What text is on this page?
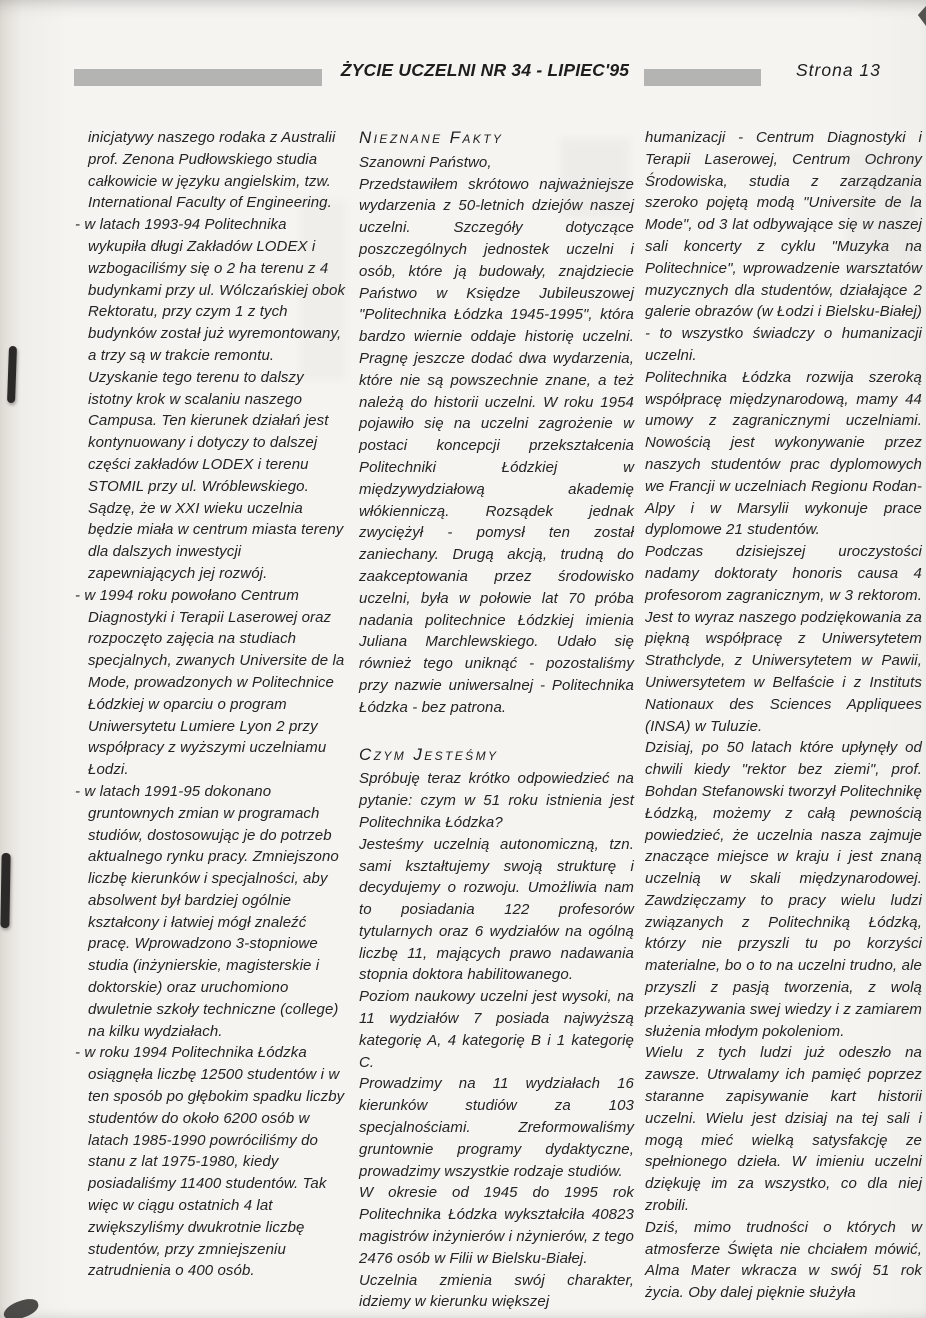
ŻYCIE UCZELNI NR 34 - LIPIEC'95	Strona 13

inicjatywy naszego rodaka z Australii prof. Zenona Pudłowskiego studia całkowicie w języku angielskim, tzw. International Faculty of Engineering.

- w latach 1993-94 Politechnika wykupiła długi Zakładów LODEX i wzbogaciliśmy się o 2 ha terenu z 4 budynkami przy ul. Wólczańskiej obok Rektoratu, przy czym 1 z tych budynków został już wyremontowany, a trzy są w trakcie remontu. Uzyskanie tego terenu to dalszy istotny krok w scalaniu naszego Campusa. Ten kierunek działań jest kontynuowany i dotyczy to dalszej części zakładów LODEX i terenu STOMIL przy ul. Wróblewskiego. Sądzę, że w XXI wieku uczelnia będzie miała w centrum miasta tereny dla dalszych inwestycji zapewniających jej rozwój.

- w 1994 roku powołano Centrum Diagnostyki i Terapii Laserowej oraz rozpoczęto zajęcia na studiach specjalnych, zwanych Universite de la Mode, prowadzonych w Politechnice Łódzkiej w oparciu o program Uniwersytetu Lumiere Lyon 2 przy współpracy z wyższymi uczelniamu Łodzi.

- w latach 1991-95 dokonano gruntownych zmian w programach studiów, dostosowując je do potrzeb aktualnego rynku pracy. Zmniejszono liczbę kierunków i specjalności, aby absolwent był bardziej ogólnie kształcony i łatwiej mógł znaleźć pracę. Wprowadzono 3-stopniowe studia (inżynierskie, magisterskie i doktorskie) oraz uruchomiono dwuletnie szkoły techniczne (college) na kilku wydziałach.

- w roku 1994 Politechnika Łódzka osiągnęła liczbę 12500 studentów i w ten sposób po głębokim spadku liczby studentów do około 6200 osób w latach 1985-1990 powróciliśmy do stanu z lat 1975-1980, kiedy posiadaliśmy 11400 studentów. Tak więc w ciągu ostatnich 4 lat zwiększyliśmy dwukrotnie liczbę studentów, przy zmniejszeniu zatrudnienia o 400 osób.

Nieznane Fakty

Szanowni Państwo,

Przedstawiłem skrótowo najważniejsze wydarzenia z 50-letnich dziejów naszej uczelni. Szczegóły dotyczące poszczególnych jednostek uczelni i osób, które ją budowały, znajdziecie Państwo w Księdze Jubileuszowej "Politechnika Łódzka 1945-1995", która bardzo wiernie oddaje historię uczelni. Pragnę jeszcze dodać dwa wydarzenia, które nie są powszechnie znane, a też należą do historii uczelni. W roku 1954 pojawiło się na uczelni zagrożenie w postaci koncepcji przekształcenia Politechniki Łódzkiej w międzywydziałową akademię włókienniczą. Rozsądek jednak zwyciężył - pomysł ten został zaniechany. Drugą akcją, trudną do zaakceptowania przez środowisko uczelni, była w połowie lat 70 próba nadania politechnice Łódzkiej imienia Juliana Marchlewskiego. Udało się również tego uniknąć - pozostaliśmy przy nazwie uniwersalnej - Politechnika Łódzka - bez patrona.

Czym Jesteśmy

Spróbuję teraz krótko odpowiedzieć na pytanie: czym w 51 roku istnienia jest Politechnika Łódzka?

Jesteśmy uczelnią autonomiczną, tzn. sami kształtujemy swoją strukturę i decydujemy o rozwoju. Umożliwia nam to posiadania 122 profesorów tytularnych oraz 6 wydziałów na ogólną liczbę 11, mających prawo nadawania stopnia doktora habilitowanego.

Poziom naukowy uczelni jest wysoki, na 11 wydziałów 7 posiada najwyższą kategorię A, 4 kategorię B i 1 kategorię C.

Prowadzimy na 11 wydziałach 16 kierunków studiów za 103 specjalnościami. Zreformowaliśmy gruntownie programy dydaktyczne, prowadzimy wszystkie rodzaje studiów.

W okresie od 1945 do 1995 rok Politechnika Łódzka wykształciła 40823 magistrów inżynierów i nżynierów, z tego 2476 osób w Filii w Bielsku-Białej.

Uczelnia zmienia swój charakter, idziemy w kierunku większej

humanizacji - Centrum Diagnostyki i Terapii Laserowej, Centrum Ochrony Środowiska, studia z zarządzania szeroko pojętą modą "Universite de la Mode", od 3 lat odbywające się w naszej sali koncerty z cyklu "Muzyka na Politechnice", wprowadzenie warsztatów muzycznych dla studentów, działające 2 galerie obrazów (w Łodzi i Bielsku-Białej) - to wszystko świadczy o humanizacji uczelni.

Politechnika Łódzka rozwija szeroką współpracę międzynarodową, mamy 44 umowy z zagranicznymi uczelniami. Nowością jest wykonywanie przez naszych studentów prac dyplomowych we Francji w uczelniach Regionu Rodan-Alpy i w Marsylii wykonuje prace dyplomowe 21 studentów.

Podczas dzisiejszej uroczystości nadamy doktoraty honoris causa 4 profesorom zagranicznym, w 3 rektorom. Jest to wyraz naszego podziękowania za piękną współpracę z Uniwersytetem Strathclyde, z Uniwersytetem w Pawii, Uniwersytetem w Belfaście i z Instituts Nationaux des Sciences Appliquees (INSA) w Tuluzie.

Dzisiaj, po 50 latach które upłynęły od chwili kiedy "rektor bez ziemi", prof. Bohdan Stefanowski tworzył Politechnikę Łódzką, możemy z całą pewnością powiedzieć, że uczelnia nasza zajmuje znaczące miejsce w kraju i jest znaną uczelnią w skali międzynarodowej. Zawdzięczamy to pracy wielu ludzi związanych z Politechniką Łódzką, którzy nie przyszli tu po korzyści materialne, bo o to na uczelni trudno, ale przyszli z pasją tworzenia, z wolą przekazywania swej wiedzy i z zamiarem służenia młodym pokoleniom.

Wielu z tych ludzi już odeszło na zawsze. Utrwalamy ich pamięć poprzez staranne zapisywanie kart historii uczelni. Wielu jest dzisiaj na tej sali i mogą mieć wielką satysfakcję ze spełnionego dzieła. W imieniu uczelni dziękuję im za wszystko, co dla niej zrobili.

Dziś, mimo trudności o których w atmosferze Święta nie chciałem mówić, Alma Mater wkracza w swój 51 rok życia. Oby dalej pięknie służyła
